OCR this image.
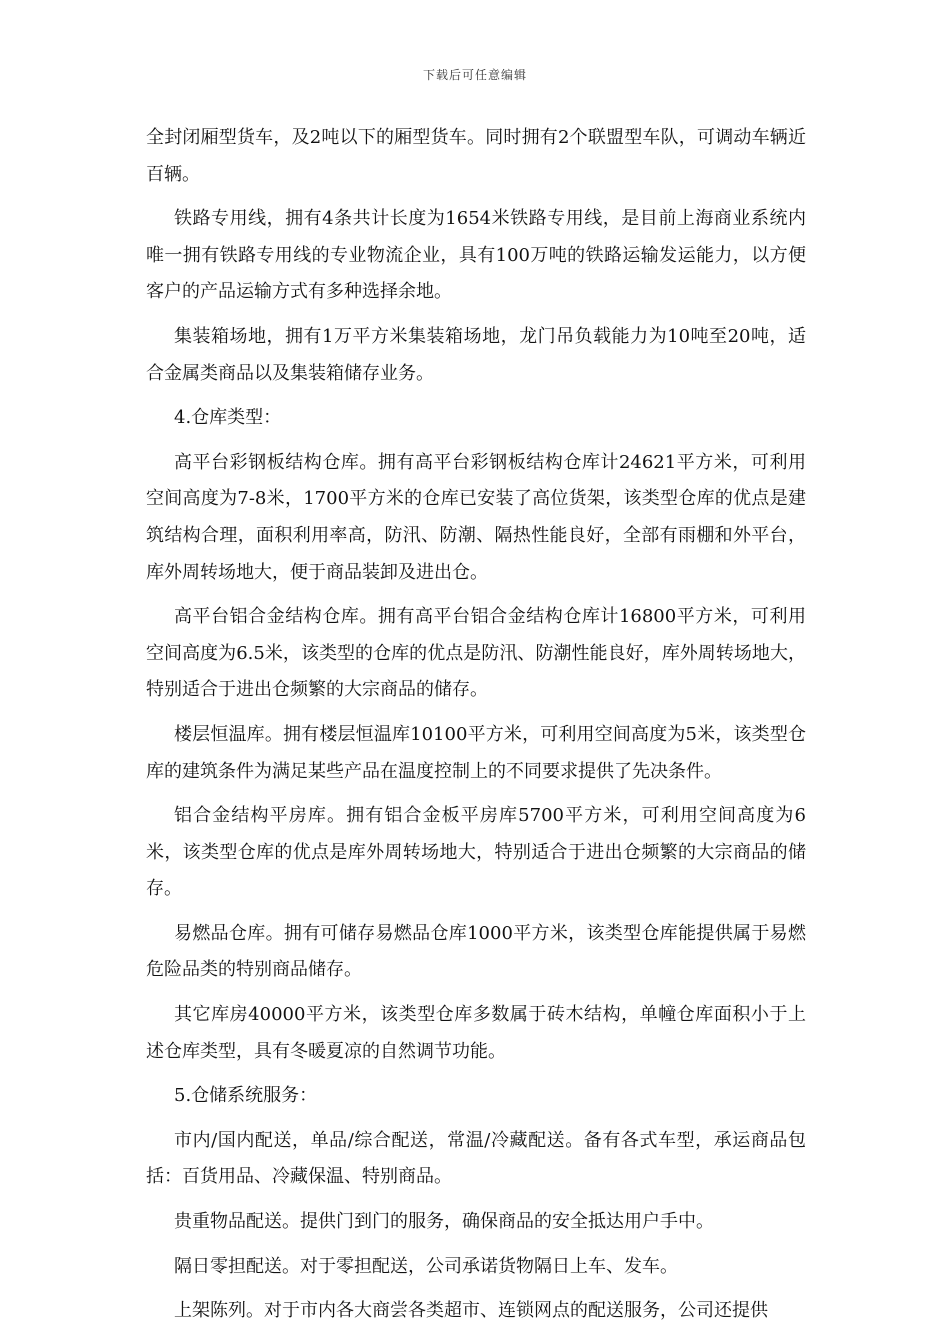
下载后可任意编辑

全封闭厢型货车，及2吨以下的厢型货车。同时拥有2个联盟型车队，可调动车辆近百辆。

铁路专用线，拥有4条共计长度为1654米铁路专用线，是目前上海商业系统内唯一拥有铁路专用线的专业物流企业，具有100万吨的铁路运输发运能力，以方便客户的产品运输方式有多种选择余地。

集装箱场地，拥有1万平方米集装箱场地，龙门吊负载能力为10吨至20吨，适合金属类商品以及集装箱储存业务。

4.仓库类型：

高平台彩钢板结构仓库。拥有高平台彩钢板结构仓库计24621平方米，可利用空间高度为7-8米，1700平方米的仓库已安装了高位货架，该类型仓库的优点是建筑结构合理，面积利用率高，防汛、防潮、隔热性能良好，全部有雨棚和外平台，库外周转场地大，便于商品装卸及进出仓。

高平台铝合金结构仓库。拥有高平台铝合金结构仓库计16800平方米，可利用空间高度为6.5米，该类型的仓库的优点是防汛、防潮性能良好，库外周转场地大，特别适合于进出仓频繁的大宗商品的储存。

楼层恒温库。拥有楼层恒温库10100平方米，可利用空间高度为5米，该类型仓库的建筑条件为满足某些产品在温度控制上的不同要求提供了先决条件。

铝合金结构平房库。拥有铝合金板平房库5700平方米，可利用空间高度为6米，该类型仓库的优点是库外周转场地大，特别适合于进出仓频繁的大宗商品的储存。

易燃品仓库。拥有可储存易燃品仓库1000平方米，该类型仓库能提供属于易燃危险品类的特别商品储存。

其它库房40000平方米，该类型仓库多数属于砖木结构，单幢仓库面积小于上述仓库类型，具有冬暖夏凉的自然调节功能。

5.仓储系统服务：

市内/国内配送，单品/综合配送，常温/冷藏配送。备有各式车型，承运商品包括：百货用品、冷藏保温、特别商品。

贵重物品配送。提供门到门的服务，确保商品的安全抵达用户手中。

隔日零担配送。对于零担配送，公司承诺货物隔日上车、发车。

上架陈列。对于市内各大商尝各类超市、连锁网点的配送服务，公司还提供
